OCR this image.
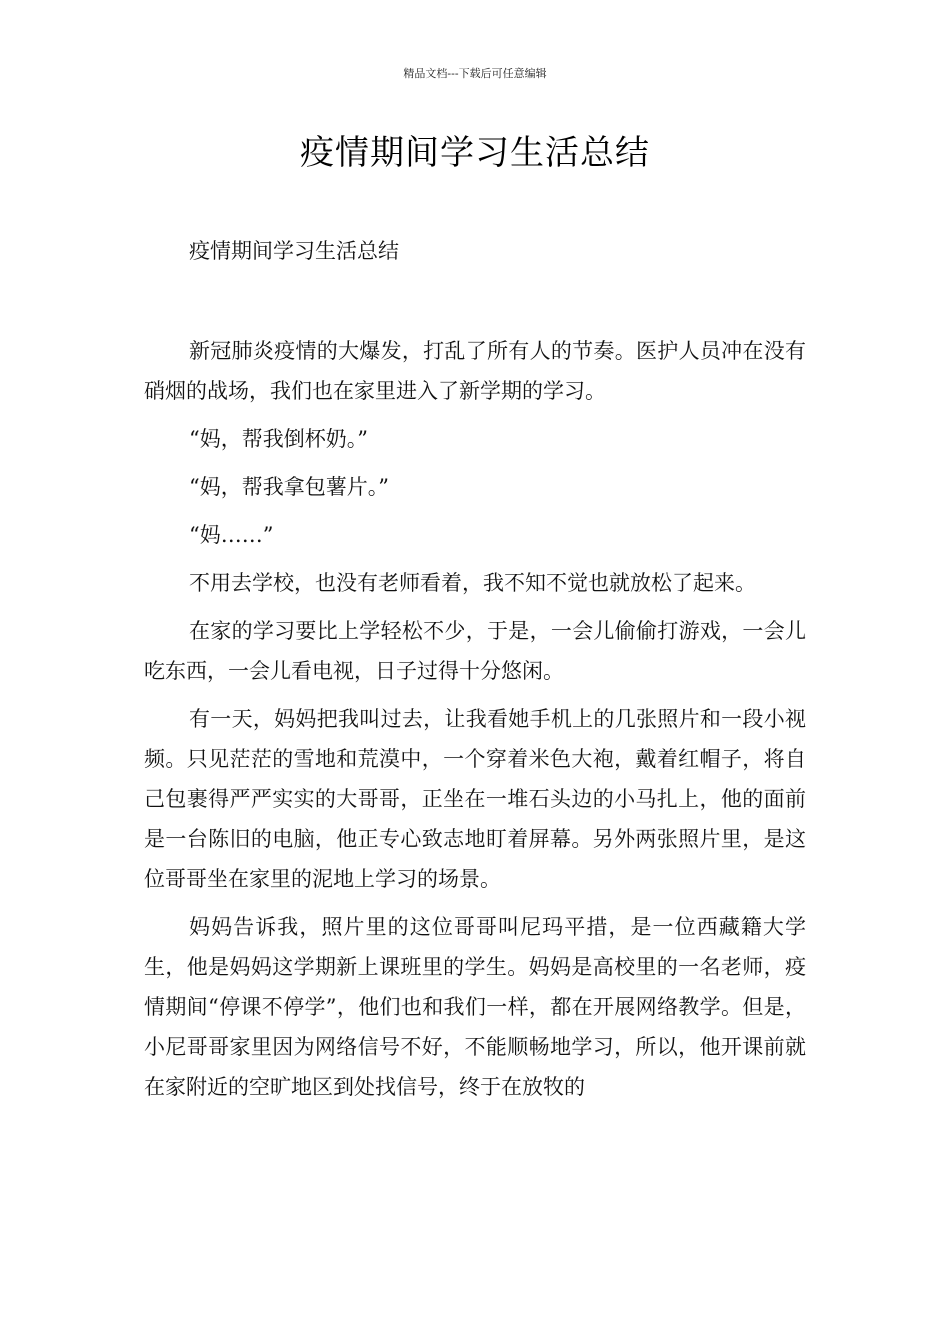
精品文档---下载后可任意编辑
疫情期间学习生活总结

疫情期间学习生活总结

新冠肺炎疫情的大爆发，打乱了所有人的节奏。医护人员冲在没有硝烟的战场，我们也在家里进入了新学期的学习。

“妈，帮我倒杯奶。”

“妈，帮我拿包薯片。”

“妈……”

不用去学校，也没有老师看着，我不知不觉也就放松了起来。

在家的学习要比上学轻松不少，于是，一会儿偷偷打游戏，一会儿吃东西，一会儿看电视，日子过得十分悠闲。

有一天，妈妈把我叫过去，让我看她手机上的几张照片和一段小视频。只见茫茫的雪地和荒漠中，一个穿着米色大袍，戴着红帽子，将自己包裹得严严实实的大哥哥，正坐在一堆石头边的小马扎上，他的面前是一台陈旧的电脑，他正专心致志地盯着屏幕。另外两张照片里，是这位哥哥坐在家里的泥地上学习的场景。

妈妈告诉我，照片里的这位哥哥叫尼玛平措，是一位西藏籍大学生，他是妈妈这学期新上课班里的学生。妈妈是高校里的一名老师，疫情期间“停课不停学”，他们也和我们一样，都在开展网络教学。但是，小尼哥哥家里因为网络信号不好，不能顺畅地学习，所以，他开课前就在家附近的空旷地区到处找信号，终于在放牧的
